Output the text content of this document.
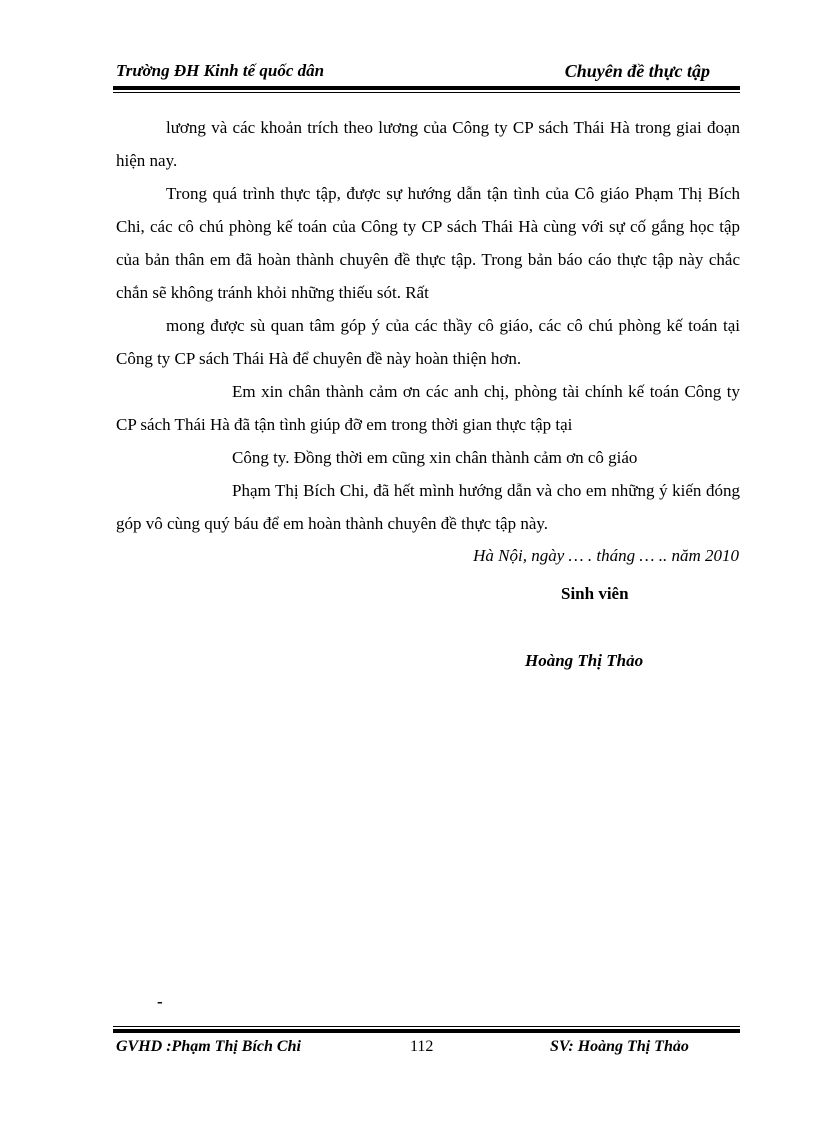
Trường ĐH Kinh tế quốc dân	Chuyên đề thực tập

lương và các khoản trích theo lương của Công ty CP sách Thái Hà trong giai đoạn hiện nay.

Trong quá trình thực tập, được sự hướng dẫn tận tình của Cô giáo Phạm Thị Bích Chi, các cô chú phòng kế toán của Công ty CP sách Thái Hà cùng với sự cố gắng học tập của bản thân em đã hoàn thành chuyên đề thực tập. Trong bản báo cáo thực tập này chắc chắn sẽ không tránh khỏi những thiếu sót. Rất

mong được sù quan tâm góp ý của các thầy cô giáo, các cô chú phòng kế toán tại Công ty CP sách Thái Hà để chuyên đề này hoàn thiện hơn.

Em xin chân thành cảm ơn các anh chị, phòng tài chính kế toán Công ty CP sách Thái Hà đã tận tình giúp đỡ em trong thời gian thực tập tại

Công ty. Đồng thời em cũng xin chân thành cảm ơn cô giáo

Phạm Thị Bích Chi, đã hết mình hướng dẫn và cho em những ý kiến đóng góp vô cùng quý báu để em hoàn thành chuyên đề thực tập này.

Hà Nội, ngày … . tháng … .. năm 2010
Sinh viên
Hoàng Thị Thảo
-
GVHD :Phạm Thị Bích Chi	112	SV: Hoàng Thị Thảo
